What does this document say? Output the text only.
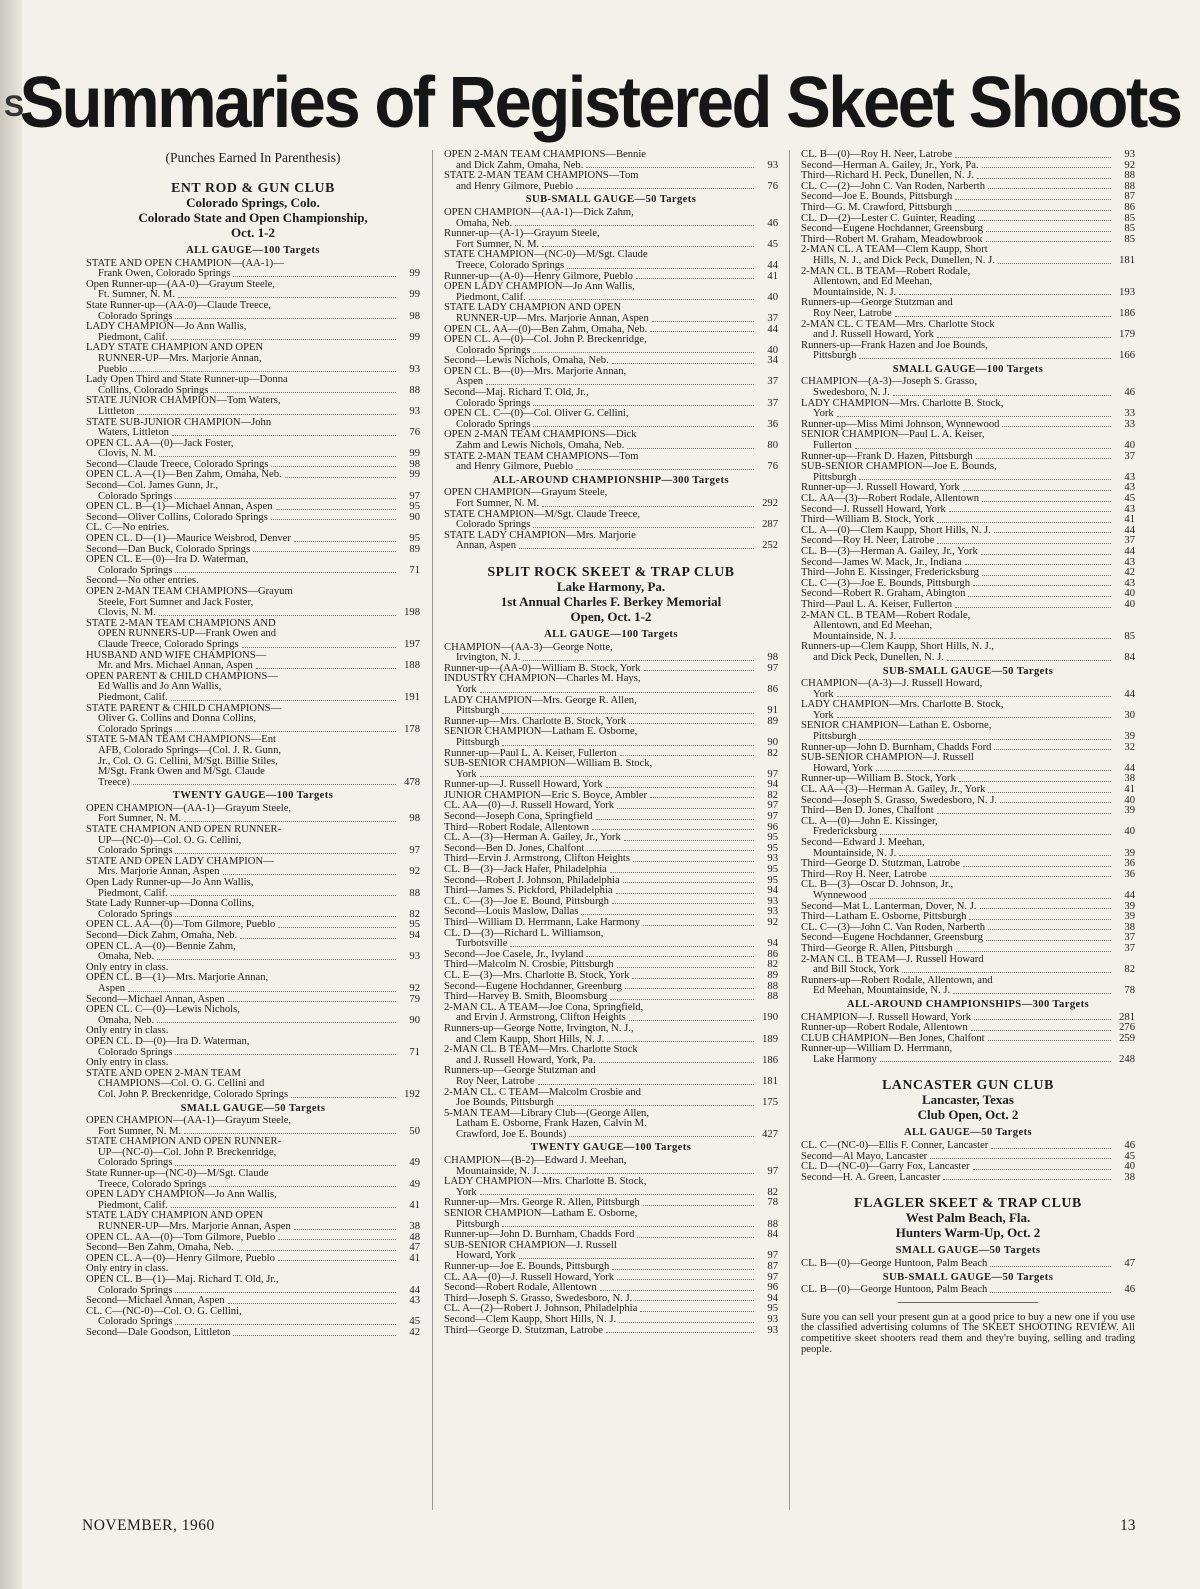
S
Summaries of Registered Skeet Shoots
(Punches Earned In Parenthesis)
ENT ROD & GUN CLUB
Colorado Springs, Colo.
Colorado State and Open Championship,
Oct. 1-2
ALL GAUGE—100 Targets
STATE AND OPEN CHAMPION—(AA-1)—
Frank Owen, Colorado Springs	99
Open Runner-up—(AA-0)—Grayum Steele,
Ft. Sumner, N. M.	99
State Runner-up—(AA-0)—Claude Treece,
Colorado Springs	98
LADY CHAMPION—Jo Ann Wallis,
Piedmont, Calif.	99
LADY STATE CHAMPION AND OPEN
RUNNER-UP—Mrs. Marjorie Annan,
Pueblo	93
Lady Open Third and State Runner-up—Donna
Collins, Colorado Springs	88
STATE JUNIOR CHAMPION—Tom Waters,
Littleton	93
STATE SUB-JUNIOR CHAMPION—John
Waters, Littleton	76
OPEN CL. AA—(0)—Jack Foster,
Clovis, N. M.	99
Second—Claude Treece, Colorado Springs	98
OPEN CL. A—(1)—Ben Zahm, Omaha, Neb.	99
Second—Col. James Gunn, Jr.,
Colorado Springs	97
OPEN CL. B—(1)—Michael Annan, Aspen	95
Second—Oliver Collins, Colorado Springs	90
CL. C—No entries.
OPEN CL. D—(1)—Maurice Weisbrod, Denver	95
Second—Dan Buck, Colorado Springs	89
OPEN CL. E—(0)—Ira D. Waterman,
Colorado Springs	71
Second—No other entries.
OPEN 2-MAN TEAM CHAMPIONS—Grayum
Steele, Fort Sumner and Jack Foster,
Clovis, N. M.	198
STATE 2-MAN TEAM CHAMPIONS AND
OPEN RUNNERS-UP—Frank Owen and
Claude Treece, Colorado Springs	197
HUSBAND AND WIFE CHAMPIONS—
Mr. and Mrs. Michael Annan, Aspen	188
OPEN PARENT & CHILD CHAMPIONS—
Ed Wallis and Jo Ann Wallis,
Piedmont, Calif.	191
STATE PARENT & CHILD CHAMPIONS—
Oliver G. Collins and Donna Collins,
Colorado Springs	178
STATE 5-MAN TEAM CHAMPIONS—Ent
AFB, Colorado Springs—(Col. J. R. Gunn,
Jr., Col. O. G. Cellini, M/Sgt. Billie Stiles,
M/Sgt. Frank Owen and M/Sgt. Claude
Treece)	478
TWENTY GAUGE—100 Targets
OPEN CHAMPION—(AA-1)—Grayum Steele,
Fort Sumner, N. M.	98
STATE CHAMPION AND OPEN RUNNER-
UP—(NC-0)—Col. O. G. Cellini,
Colorado Springs	97
STATE AND OPEN LADY CHAMPION—
Mrs. Marjorie Annan, Aspen	92
Open Lady Runner-up—Jo Ann Wallis,
Piedmont, Calif.	88
State Lady Runner-up—Donna Collins,
Colorado Springs	82
OPEN CL. AA—(0)—Tom Gilmore, Pueblo	95
Second—Dick Zahm, Omaha, Neb.	94
OPEN CL. A—(0)—Bennie Zahm,
Omaha, Neb.	93
Only entry in class.
OPEN CL. B—(1)—Mrs. Marjorie Annan,
Aspen	92
Second—Michael Annan, Aspen	79
OPEN CL. C—(0)—Lewis Nichols,
Omaha, Neb.	90
Only entry in class.
OPEN CL. D—(0)—Ira D. Waterman,
Colorado Springs	71
Only entry in class.
STATE AND OPEN 2-MAN TEAM
CHAMPIONS—Col. O. G. Cellini and
Col. John P. Breckenridge, Colorado Springs	192
SMALL GAUGE—50 Targets
OPEN CHAMPION—(AA-1)—Grayum Steele,
Fort Sumner, N. M.	50
STATE CHAMPION AND OPEN RUNNER-
UP—(NC-0)—Col. John P. Breckenridge,
Colorado Springs	49
State Runner-up—(NC-0)—M/Sgt. Claude
Treece, Colorado Springs	49
OPEN LADY CHAMPION—Jo Ann Wallis,
Piedmont, Calif.	41
STATE LADY CHAMPION AND OPEN
RUNNER-UP—Mrs. Marjorie Annan, Aspen	38
OPEN CL. AA—(0)—Tom Gilmore, Pueblo	48
Second—Ben Zahm, Omaha, Neb.	47
OPEN CL. A—(0)—Henry Gilmore, Pueblo	41
Only entry in class.
OPEN CL. B—(1)—Maj. Richard T. Old, Jr.,
Colorado Springs	44
Second—Michael Annan, Aspen	43
CL. C—(NC-0)—Col. O. G. Cellini,
Colorado Springs	45
Second—Dale Goodson, Littleton	42
OPEN 2-MAN TEAM CHAMPIONS—Bennie
and Dick Zahm, Omaha, Neb.	93
STATE 2-MAN TEAM CHAMPIONS—Tom
and Henry Gilmore, Pueblo	76
SUB-SMALL GAUGE—50 Targets
OPEN CHAMPION—(AA-1)—Dick Zahm,
Omaha, Neb.	46
Runner-up—(A-1)—Grayum Steele,
Fort Sumner, N. M.	45
STATE CHAMPION—(NC-0)—M/Sgt. Claude
Treece, Colorado Springs	44
Runner-up—(A-0)—Henry Gilmore, Pueblo	41
OPEN LADY CHAMPION—Jo Ann Wallis,
Piedmont, Calif.	40
STATE LADY CHAMPION AND OPEN
RUNNER-UP—Mrs. Marjorie Annan, Aspen	37
OPEN CL. AA—(0)—Ben Zahm, Omaha, Neb.	44
OPEN CL. A—(0)—Col. John P. Breckenridge,
Colorado Springs	40
Second—Lewis Nichols, Omaha, Neb.	34
OPEN CL. B—(0)—Mrs. Marjorie Annan,
Aspen	37
Second—Maj. Richard T. Old, Jr.,
Colorado Springs	37
OPEN CL. C—(0)—Col. Oliver G. Cellini,
Colorado Springs	36
OPEN 2-MAN TEAM CHAMPIONS—Dick
Zahm and Lewis Nichols, Omaha, Neb.	80
STATE 2-MAN TEAM CHAMPIONS—Tom
and Henry Gilmore, Pueblo	76
ALL-AROUND CHAMPIONSHIP—300 Targets
OPEN CHAMPION—Grayum Steele,
Fort Sumner, N. M.	292
STATE CHAMPION—M/Sgt. Claude Treece,
Colorado Springs	287
STATE LADY CHAMPION—Mrs. Marjorie
Annan, Aspen	252
SPLIT ROCK SKEET & TRAP CLUB
Lake Harmony, Pa.
1st Annual Charles F. Berkey Memorial
Open, Oct. 1-2
ALL GAUGE—100 Targets
CHAMPION—(AA-3)—George Notte,
Irvington, N. J.	98
Runner-up—(AA-0)—William B. Stock, York	97
INDUSTRY CHAMPION—Charles M. Hays,
York	86
LADY CHAMPION—Mrs. George R. Allen,
Pittsburgh	91
Runner-up—Mrs. Charlotte B. Stock, York	89
SENIOR CHAMPION—Latham E. Osborne,
Pittsburgh	90
Runner-up—Paul L. A. Keiser, Fullerton	82
SUB-SENIOR CHAMPION—William B. Stock,
York	97
Runner-up—J. Russell Howard, York	94
JUNIOR CHAMPION—Eric S. Boyce, Ambler	82
CL. AA—(0)—J. Russell Howard, York	97
Second—Joseph Cona, Springfield	97
Third—Robert Rodale, Allentown	96
CL. A—(3)—Herman A. Gailey, Jr., York	95
Second—Ben D. Jones, Chalfont	95
Third—Ervin J. Armstrong, Clifton Heights	93
CL. B—(3)—Jack Hafer, Philadelphia	95
Second—Robert J. Johnson, Philadelphia	95
Third—James S. Pickford, Philadelphia	94
CL. C—(3)—Joe E. Bound, Pittsburgh	93
Second—Louis Maslow, Dallas	93
Third—William D. Herrmann, Lake Harmony	92
CL. D—(3)—Richard L. Williamson,
Turbotsville	94
Second—Joe Casele, Jr., Ivyland	86
Third—Malcolm N. Crosbie, Pittsburgh	82
CL. E—(3)—Mrs. Charlotte B. Stock, York	89
Second—Eugene Hochdanner, Greenburg	88
Third—Harvey B. Smith, Bloomsburg	88
2-MAN CL. A TEAM—Joe Cona, Springfield,
and Ervin J. Armstrong, Clifton Heights	190
Runners-up—George Notte, Irvington, N. J.,
and Clem Kaupp, Short Hills, N. J.	189
2-MAN CL. B TEAM—Mrs. Charlotte Stock
and J. Russell Howard, York, Pa.	186
Runners-up—George Stutzman and
Roy Neer, Latrobe	181
2-MAN CL. C TEAM—Malcolm Crosbie and
Joe Bounds, Pittsburgh	175
5-MAN TEAM—Library Club—(George Allen,
Latham E. Osborne, Frank Hazen, Calvin M.
Crawford, Joe E. Bounds)	427
TWENTY GAUGE—100 Targets
CHAMPION—(B-2)—Edward J. Meehan,
Mountainside, N. J.	97
LADY CHAMPION—Mrs. Charlotte B. Stock,
York	82
Runner-up—Mrs. George R. Allen, Pittsburgh	78
SENIOR CHAMPION—Latham E. Osborne,
Pittsburgh	88
Runner-up—John D. Burnham, Chadds Ford	84
SUB-SENIOR CHAMPION—J. Russell
Howard, York	97
Runner-up—Joe E. Bounds, Pittsburgh	87
CL. AA—(0)—J. Russell Howard, York	97
Second—Robert Rodale, Allentown	96
Third—Joseph S. Grasso, Swedesboro, N. J.	94
CL. A—(2)—Robert J. Johnson, Philadelphia	95
Second—Clem Kaupp, Short Hills, N. J.	93
Third—George D. Stutzman, Latrobe	93
CL. B—(0)—Roy H. Neer, Latrobe	93
Second—Herman A. Gailey, Jr., York, Pa.	92
Third—Richard H. Peck, Dunellen, N. J.	88
CL. C—(2)—John C. Van Roden, Narberth	88
Second—Joe E. Bounds, Pittsburgh	87
Third—G. M. Crawford, Pittsburgh	86
CL. D—(2)—Lester C. Guinter, Reading	85
Second—Eugene Hochdanner, Greensburg	85
Third—Robert M. Graham, Meadowbrook	85
2-MAN CL. A TEAM—Clem Kaupp, Short
Hills, N. J., and Dick Peck, Dunellen, N. J.	181
2-MAN CL. B TEAM—Robert Rodale,
Allentown, and Ed Meehan,
Mountainside, N. J.	193
Runners-up—George Stutzman and
Roy Neer, Latrobe	186
2-MAN CL. C TEAM—Mrs. Charlotte Stock
and J. Russell Howard, York	179
Runners-up—Frank Hazen and Joe Bounds,
Pittsburgh	166
SMALL GAUGE—100 Targets
CHAMPION—(A-3)—Joseph S. Grasso,
Swedesboro, N. J.	46
LADY CHAMPION—Mrs. Charlotte B. Stock,
York	33
Runner-up—Miss Mimi Johnson, Wynnewood	33
SENIOR CHAMPION—Paul L. A. Keiser,
Fullerton	40
Runner-up—Frank D. Hazen, Pittsburgh	37
SUB-SENIOR CHAMPION—Joe E. Bounds,
Pittsburgh	43
Runner-up—J. Russell Howard, York	43
CL. AA—(3)—Robert Rodale, Allentown	45
Second—J. Russell Howard, York	43
Third—William B. Stock, York	41
CL. A—(0)—Clem Kaupp, Short Hills, N. J.	44
Second—Roy H. Neer, Latrobe	37
CL. B—(3)—Herman A. Gailey, Jr., York	44
Second—James W. Mack, Jr., Indiana	43
Third—John E. Kissinger, Fredericksburg	42
CL. C—(3)—Joe E. Bounds, Pittsburgh	43
Second—Robert R. Graham, Abington	40
Third—Paul L. A. Keiser, Fullerton	40
2-MAN CL. B TEAM—Robert Rodale,
Allentown, and Ed Meehan,
Mountainside, N. J.	85
Runners-up—Clem Kaupp, Short Hills, N. J.,
and Dick Peck, Dunellen, N. J.	84
SUB-SMALL GAUGE—50 Targets
CHAMPION—(A-3)—J. Russell Howard,
York	44
LADY CHAMPION—Mrs. Charlotte B. Stock,
York	30
SENIOR CHAMPION—Lathan E. Osborne,
Pittsburgh	39
Runner-up—John D. Burnham, Chadds Ford	32
SUB-SENIOR CHAMPION—J. Russell
Howard, York	44
Runner-up—William B. Stock, York	38
CL. AA—(3)—Herman A. Gailey, Jr., York	41
Second—Joseph S. Grasso, Swedesboro, N. J.	40
Third—Ben D. Jones, Chalfont	39
CL. A—(0)—John E. Kissinger,
Fredericksburg	40
Second—Edward J. Meehan,
Mountainside, N. J.	39
Third—George D. Stutzman, Latrobe	36
Third—Roy H. Neer, Latrobe	36
CL. B—(3)—Oscar D. Johnson, Jr.,
Wynnewood	44
Second—Mat L. Lanterman, Dover, N. J.	39
Third—Latham E. Osborne, Pittsburgh	39
CL. C—(3)—John C. Van Roden, Narberth	38
Second—Eugene Hochdanner, Greensburg	37
Third—George R. Allen, Pittsburgh	37
2-MAN CL. B TEAM—J. Russell Howard
and Bill Stock, York	82
Runners-up—Robert Rodale, Allentown, and
Ed Meehan, Mountainside, N. J.	78
ALL-AROUND CHAMPIONSHIPS—300 Targets
CHAMPION—J. Russell Howard, York	281
Runner-up—Robert Rodale, Allentown	276
CLUB CHAMPION—Ben Jones, Chalfont	259
Runner-up—William D. Herrmann,
Lake Harmony	248
LANCASTER GUN CLUB
Lancaster, Texas
Club Open, Oct. 2
ALL GAUGE—50 Targets
CL. C—(NC-0)—Ellis F. Conner, Lancaster	46
Second—Al Mayo, Lancaster	45
CL. D—(NC-0)—Garry Fox, Lancaster	40
Second—H. A. Green, Lancaster	38
FLAGLER SKEET & TRAP CLUB
West Palm Beach, Fla.
Hunters Warm-Up, Oct. 2
SMALL GAUGE—50 Targets
CL. B—(0)—George Huntoon, Palm Beach	47
SUB-SMALL GAUGE—50 Targets
CL. B—(0)—George Huntoon, Palm Beach	46
Sure you can sell your present gun at a good price to buy a new one if you use the classified advertising columns of The SKEET SHOOTING REVIEW. All competitive skeet shooters read them and they're buying, selling and trading people.
NOVEMBER, 1960	13
